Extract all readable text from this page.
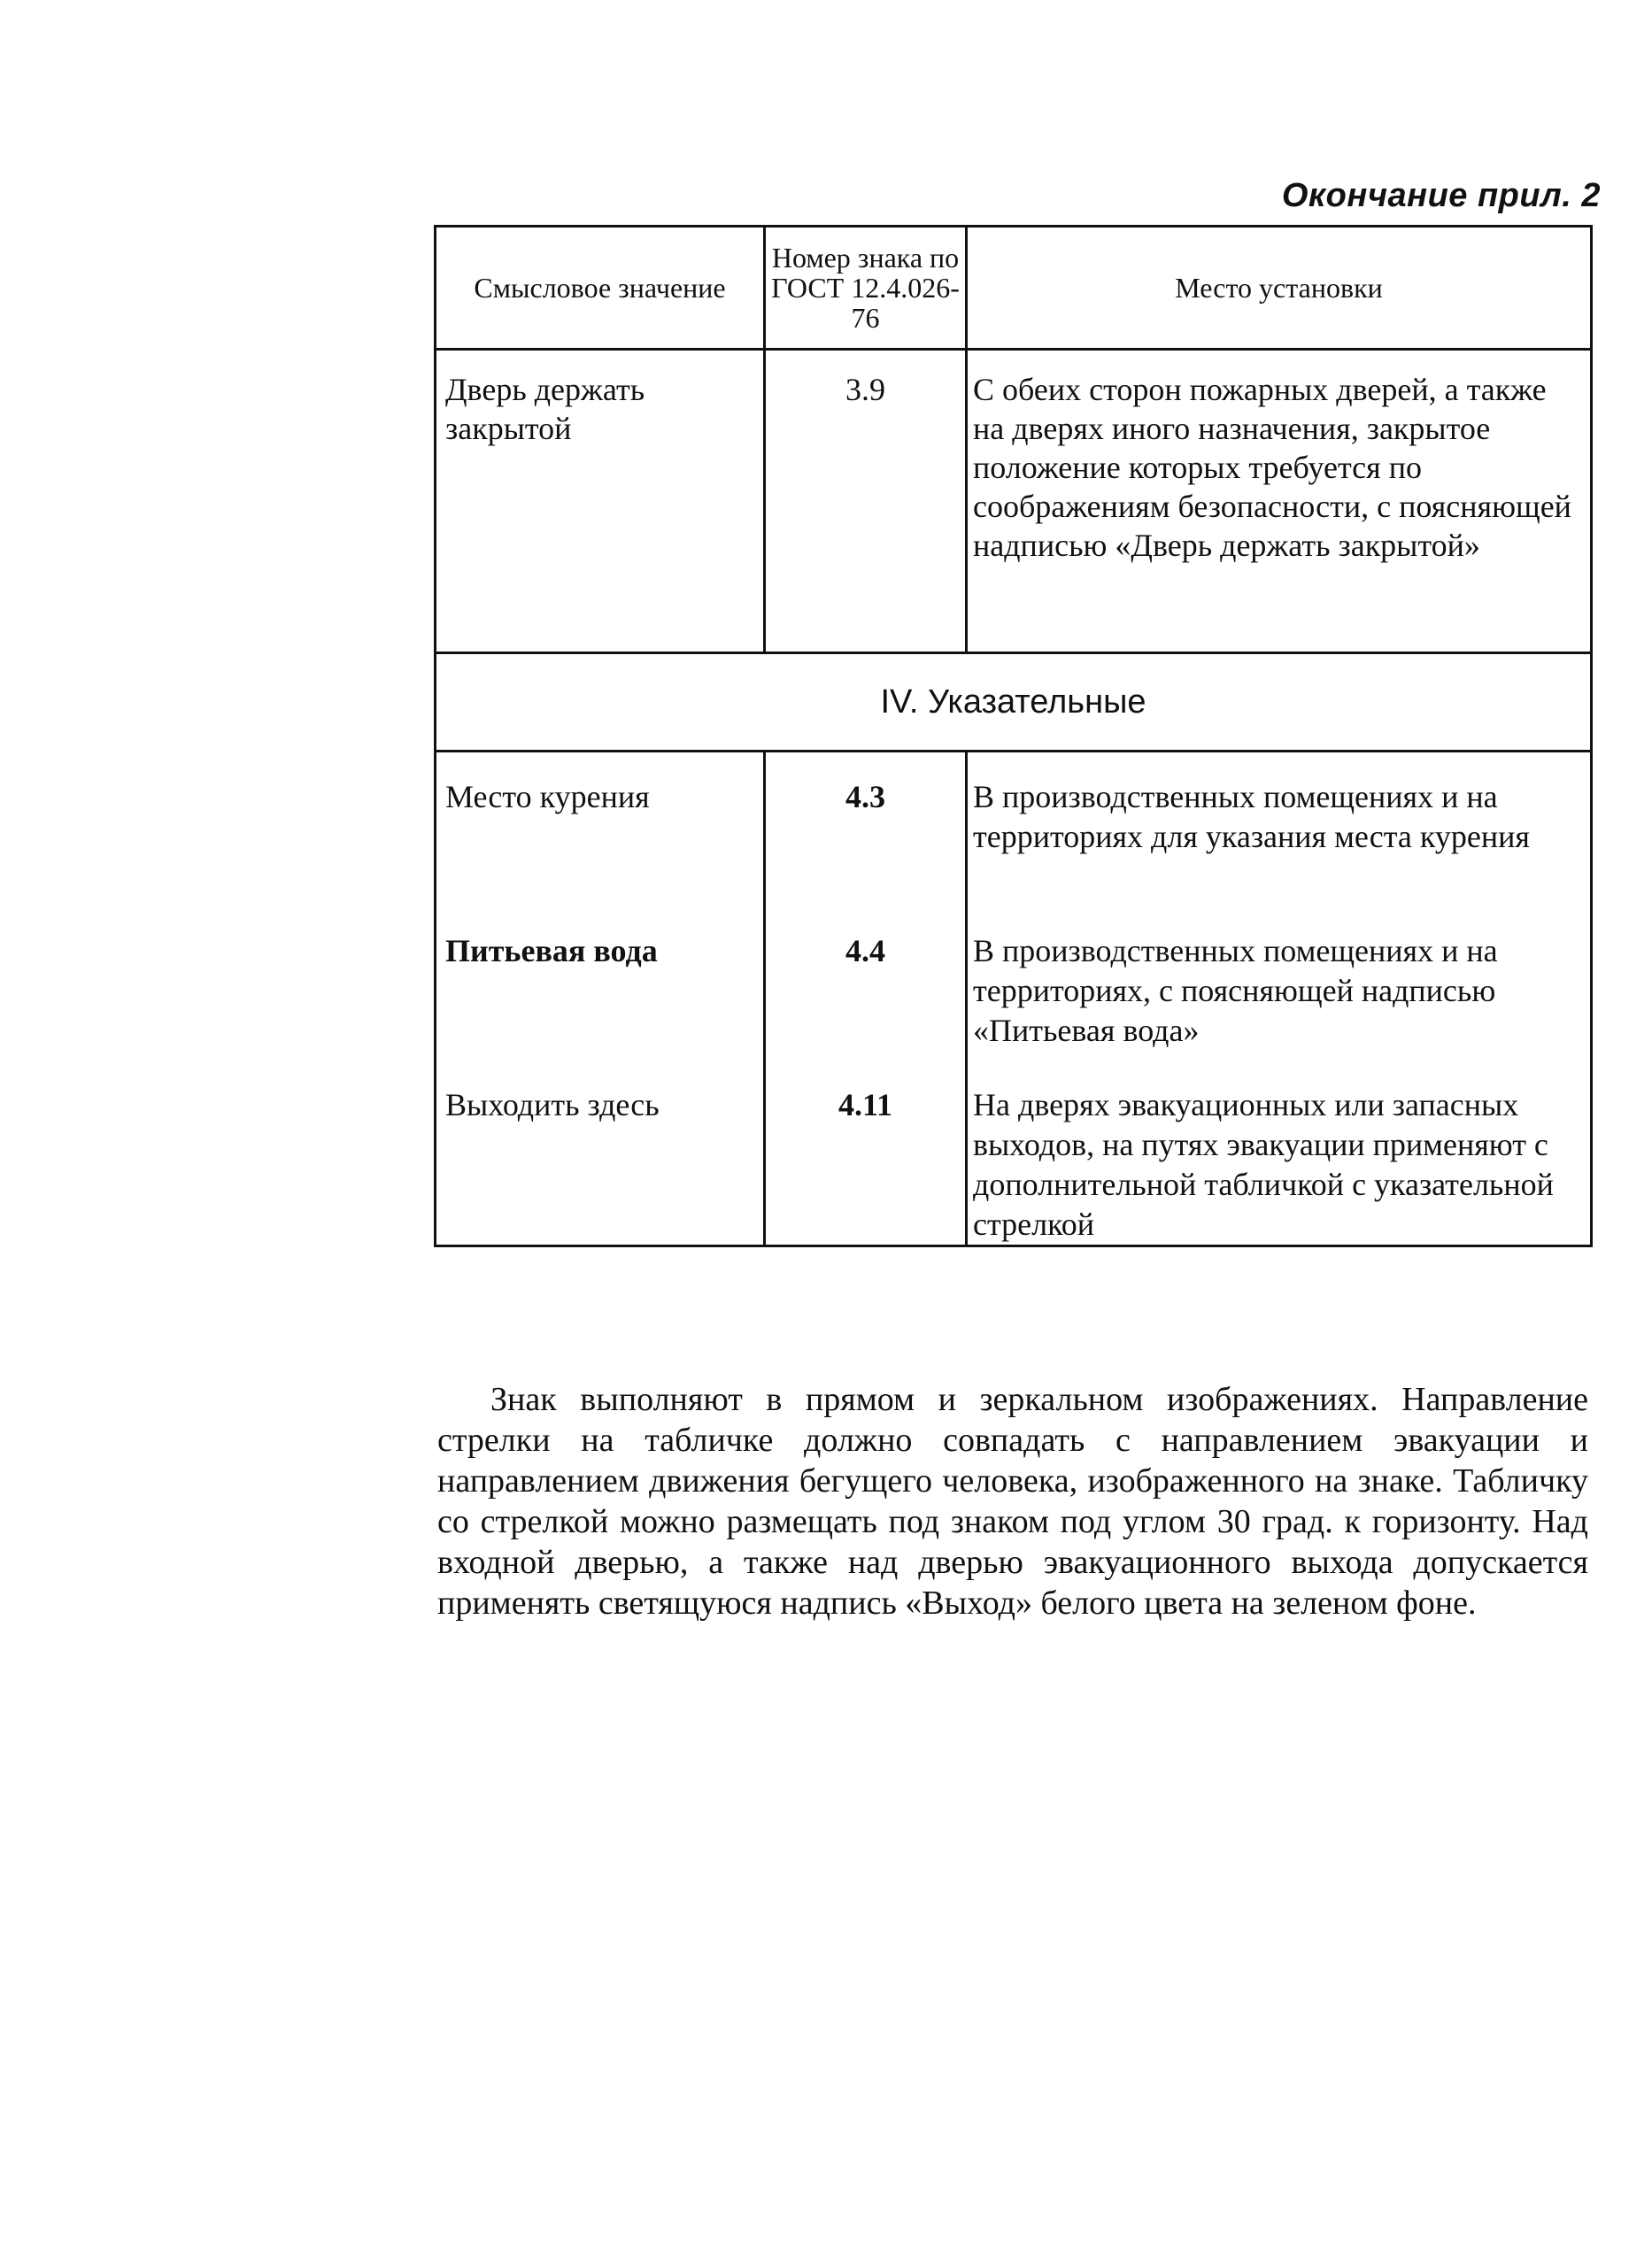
Окончание прил. 2
Смысловое значение	Номер знака по ГОСТ 12.4.026-76	Место установки
Дверь держать закрытой	3.9	С обеих сторон пожарных дверей, а также на дверях иного назначения, закрытое положение которых требуется по соображениям безопасности, с поясняющей надписью «Дверь держать закрытой»
IV. Указательные		
Место курения	4.3	В производственных помещениях и на территориях для указания места курения
Питьевая вода	4.4	В производственных помещениях и на территориях, с поясняющей надписью «Питьевая вода»
Выходить здесь	4.11	На дверях эвакуационных или запасных выходов, на путях эвакуации применяют с дополнительной табличкой с указательной стрелкой

Знак выполняют в прямом и зеркальном изображениях. Направление стрелки на табличке должно совпадать с направлением эвакуации и направлением движения бегущего человека, изображенного на знаке. Табличку со стрелкой можно размещать под знаком под углом 30 град. к горизонту. Над входной дверью, а также над дверью эвакуационного выхода допускается применять светящуюся надпись «Выход» белого цвета на зеленом фоне.
